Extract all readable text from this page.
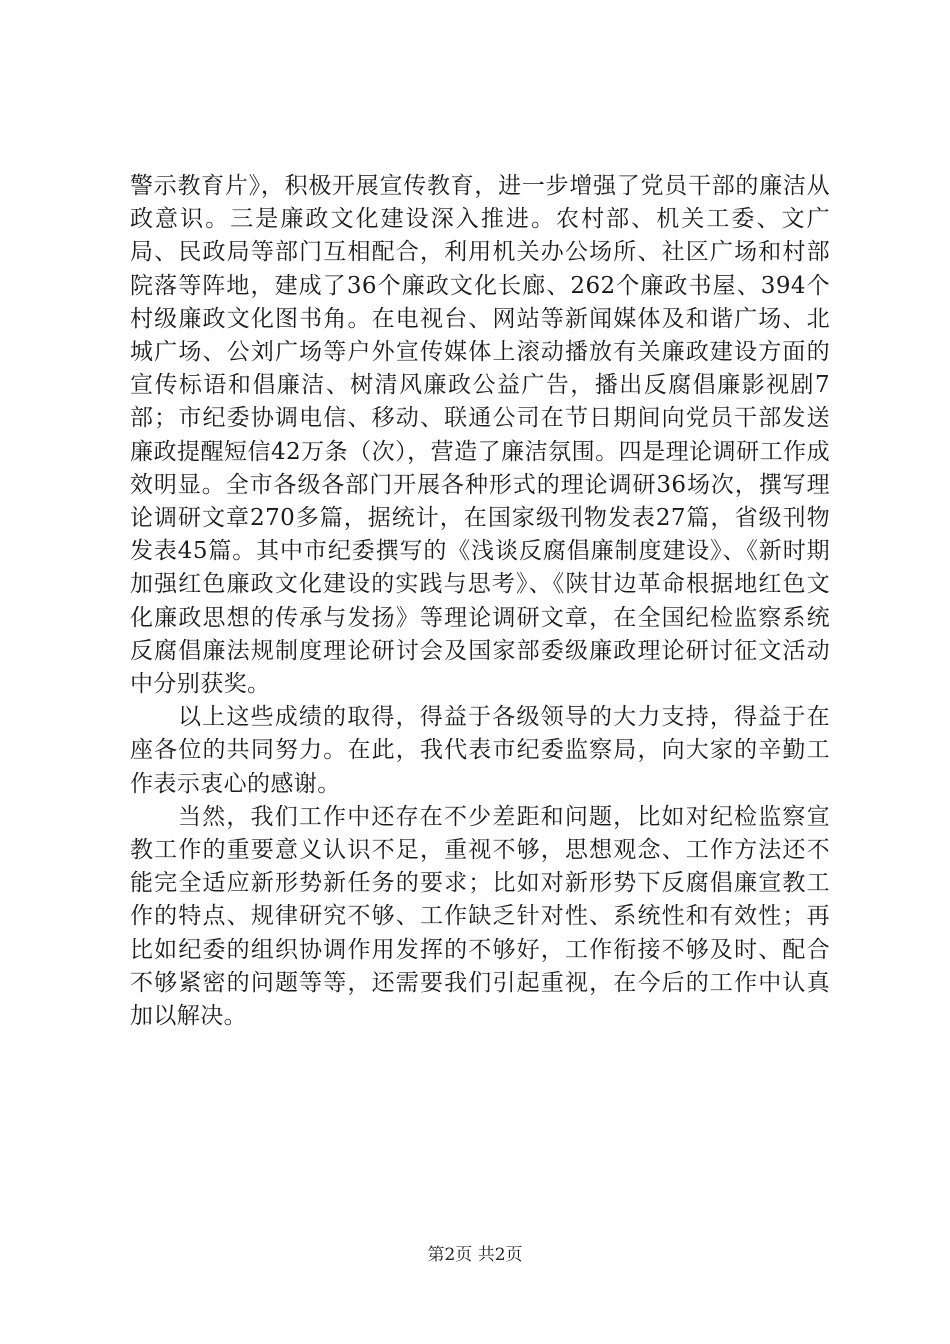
警示教育片》，积极开展宣传教育，进一步增强了党员干部的廉洁从政意识。三是廉政文化建设深入推进。农村部、机关工委、文广局、民政局等部门互相配合，利用机关办公场所、社区广场和村部院落等阵地，建成了36个廉政文化长廊、262个廉政书屋、394个村级廉政文化图书角。在电视台、网站等新闻媒体及和谐广场、北城广场、公刘广场等户外宣传媒体上滚动播放有关廉政建设方面的宣传标语和倡廉洁、树清风廉政公益广告，播出反腐倡廉影视剧7部；市纪委协调电信、移动、联通公司在节日期间向党员干部发送廉政提醒短信42万条（次），营造了廉洁氛围。四是理论调研工作成效明显。全市各级各部门开展各种形式的理论调研36场次，撰写理论调研文章270多篇，据统计，在国家级刊物发表27篇，省级刊物发表45篇。其中市纪委撰写的《浅谈反腐倡廉制度建设》、《新时期加强红色廉政文化建设的实践与思考》、《陕甘边革命根据地红色文化廉政思想的传承与发扬》等理论调研文章，在全国纪检监察系统反腐倡廉法规制度理论研讨会及国家部委级廉政理论研讨征文活动中分别获奖。

以上这些成绩的取得，得益于各级领导的大力支持，得益于在座各位的共同努力。在此，我代表市纪委监察局，向大家的辛勤工作表示衷心的感谢。

当然，我们工作中还存在不少差距和问题，比如对纪检监察宣教工作的重要意义认识不足，重视不够，思想观念、工作方法还不能完全适应新形势新任务的要求；比如对新形势下反腐倡廉宣教工作的特点、规律研究不够、工作缺乏针对性、系统性和有效性；再比如纪委的组织协调作用发挥的不够好，工作衔接不够及时、配合不够紧密的问题等等，还需要我们引起重视，在今后的工作中认真加以解决。

第2页 共2页
